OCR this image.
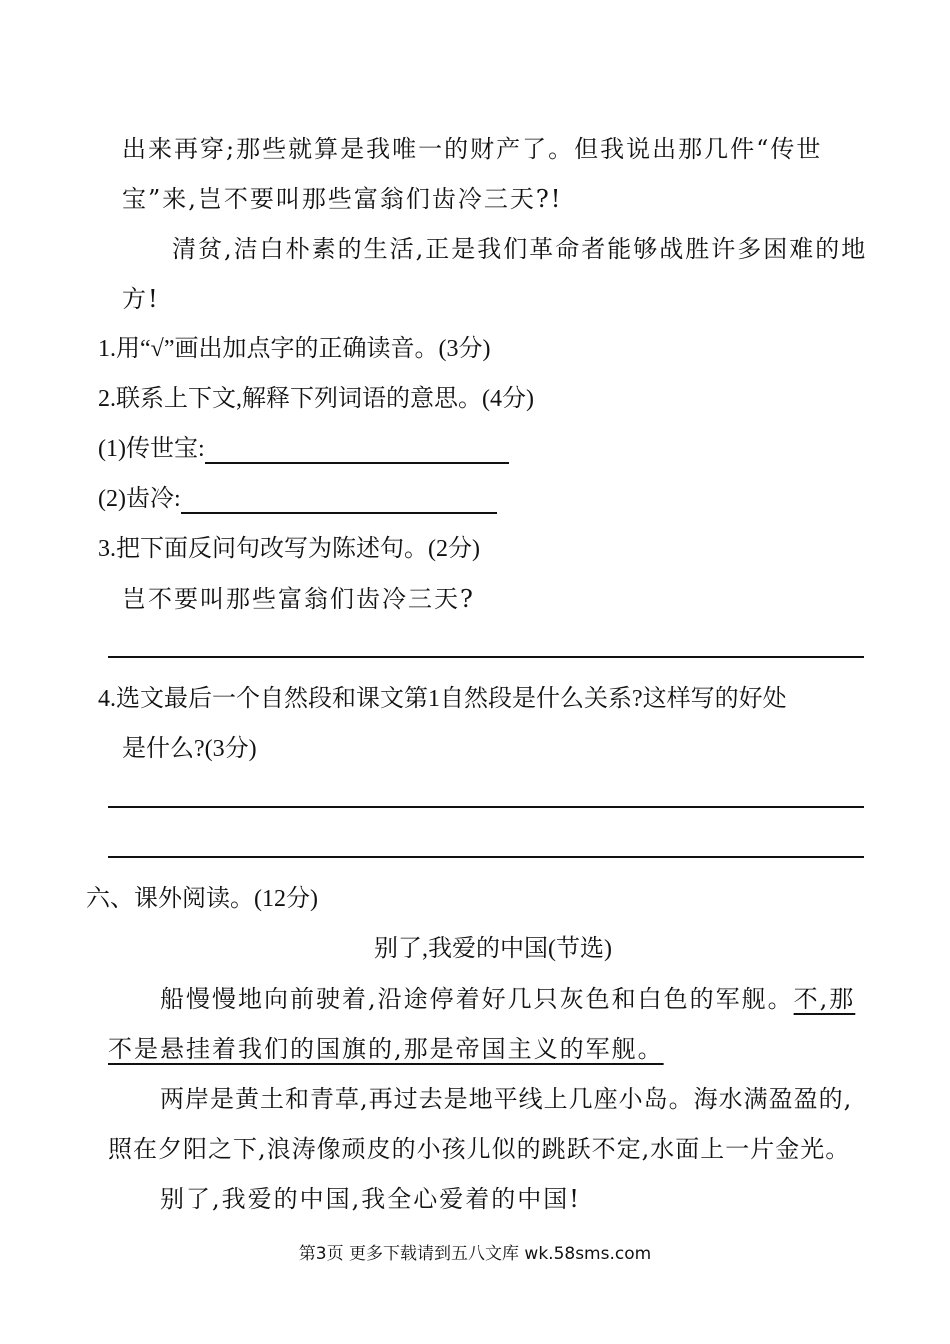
出来再穿;那些就算是我唯一的财产了。但我说出那几件“传世
宝”来,岂不要叫那些富翁们齿冷三天?!
清贫,洁白朴素的生活,正是我们革命者能够战胜许多困难的地
方!
1.用“√”画出加点字的正确读音。(3分)
2.联系上下文,解释下列词语的意思。(4分)
(1)传世宝:
(2)齿冷:
3.把下面反问句改写为陈述句。(2分)
岂不要叫那些富翁们齿冷三天?
4.选文最后一个自然段和课文第1自然段是什么关系?这样写的好处
是什么?(3分)
六、课外阅读。(12分)
别了,我爱的中国(节选)
船慢慢地向前驶着,沿途停着好几只灰色和白色的军舰。不,那
不是悬挂着我们的国旗的,那是帝国主义的军舰。
两岸是黄土和青草,再过去是地平线上几座小岛。海水满盈盈的,
照在夕阳之下,浪涛像顽皮的小孩儿似的跳跃不定,水面上一片金光。
别了,我爱的中国,我全心爱着的中国!
第3页 更多下载请到五八文库 wk.58sms.com
